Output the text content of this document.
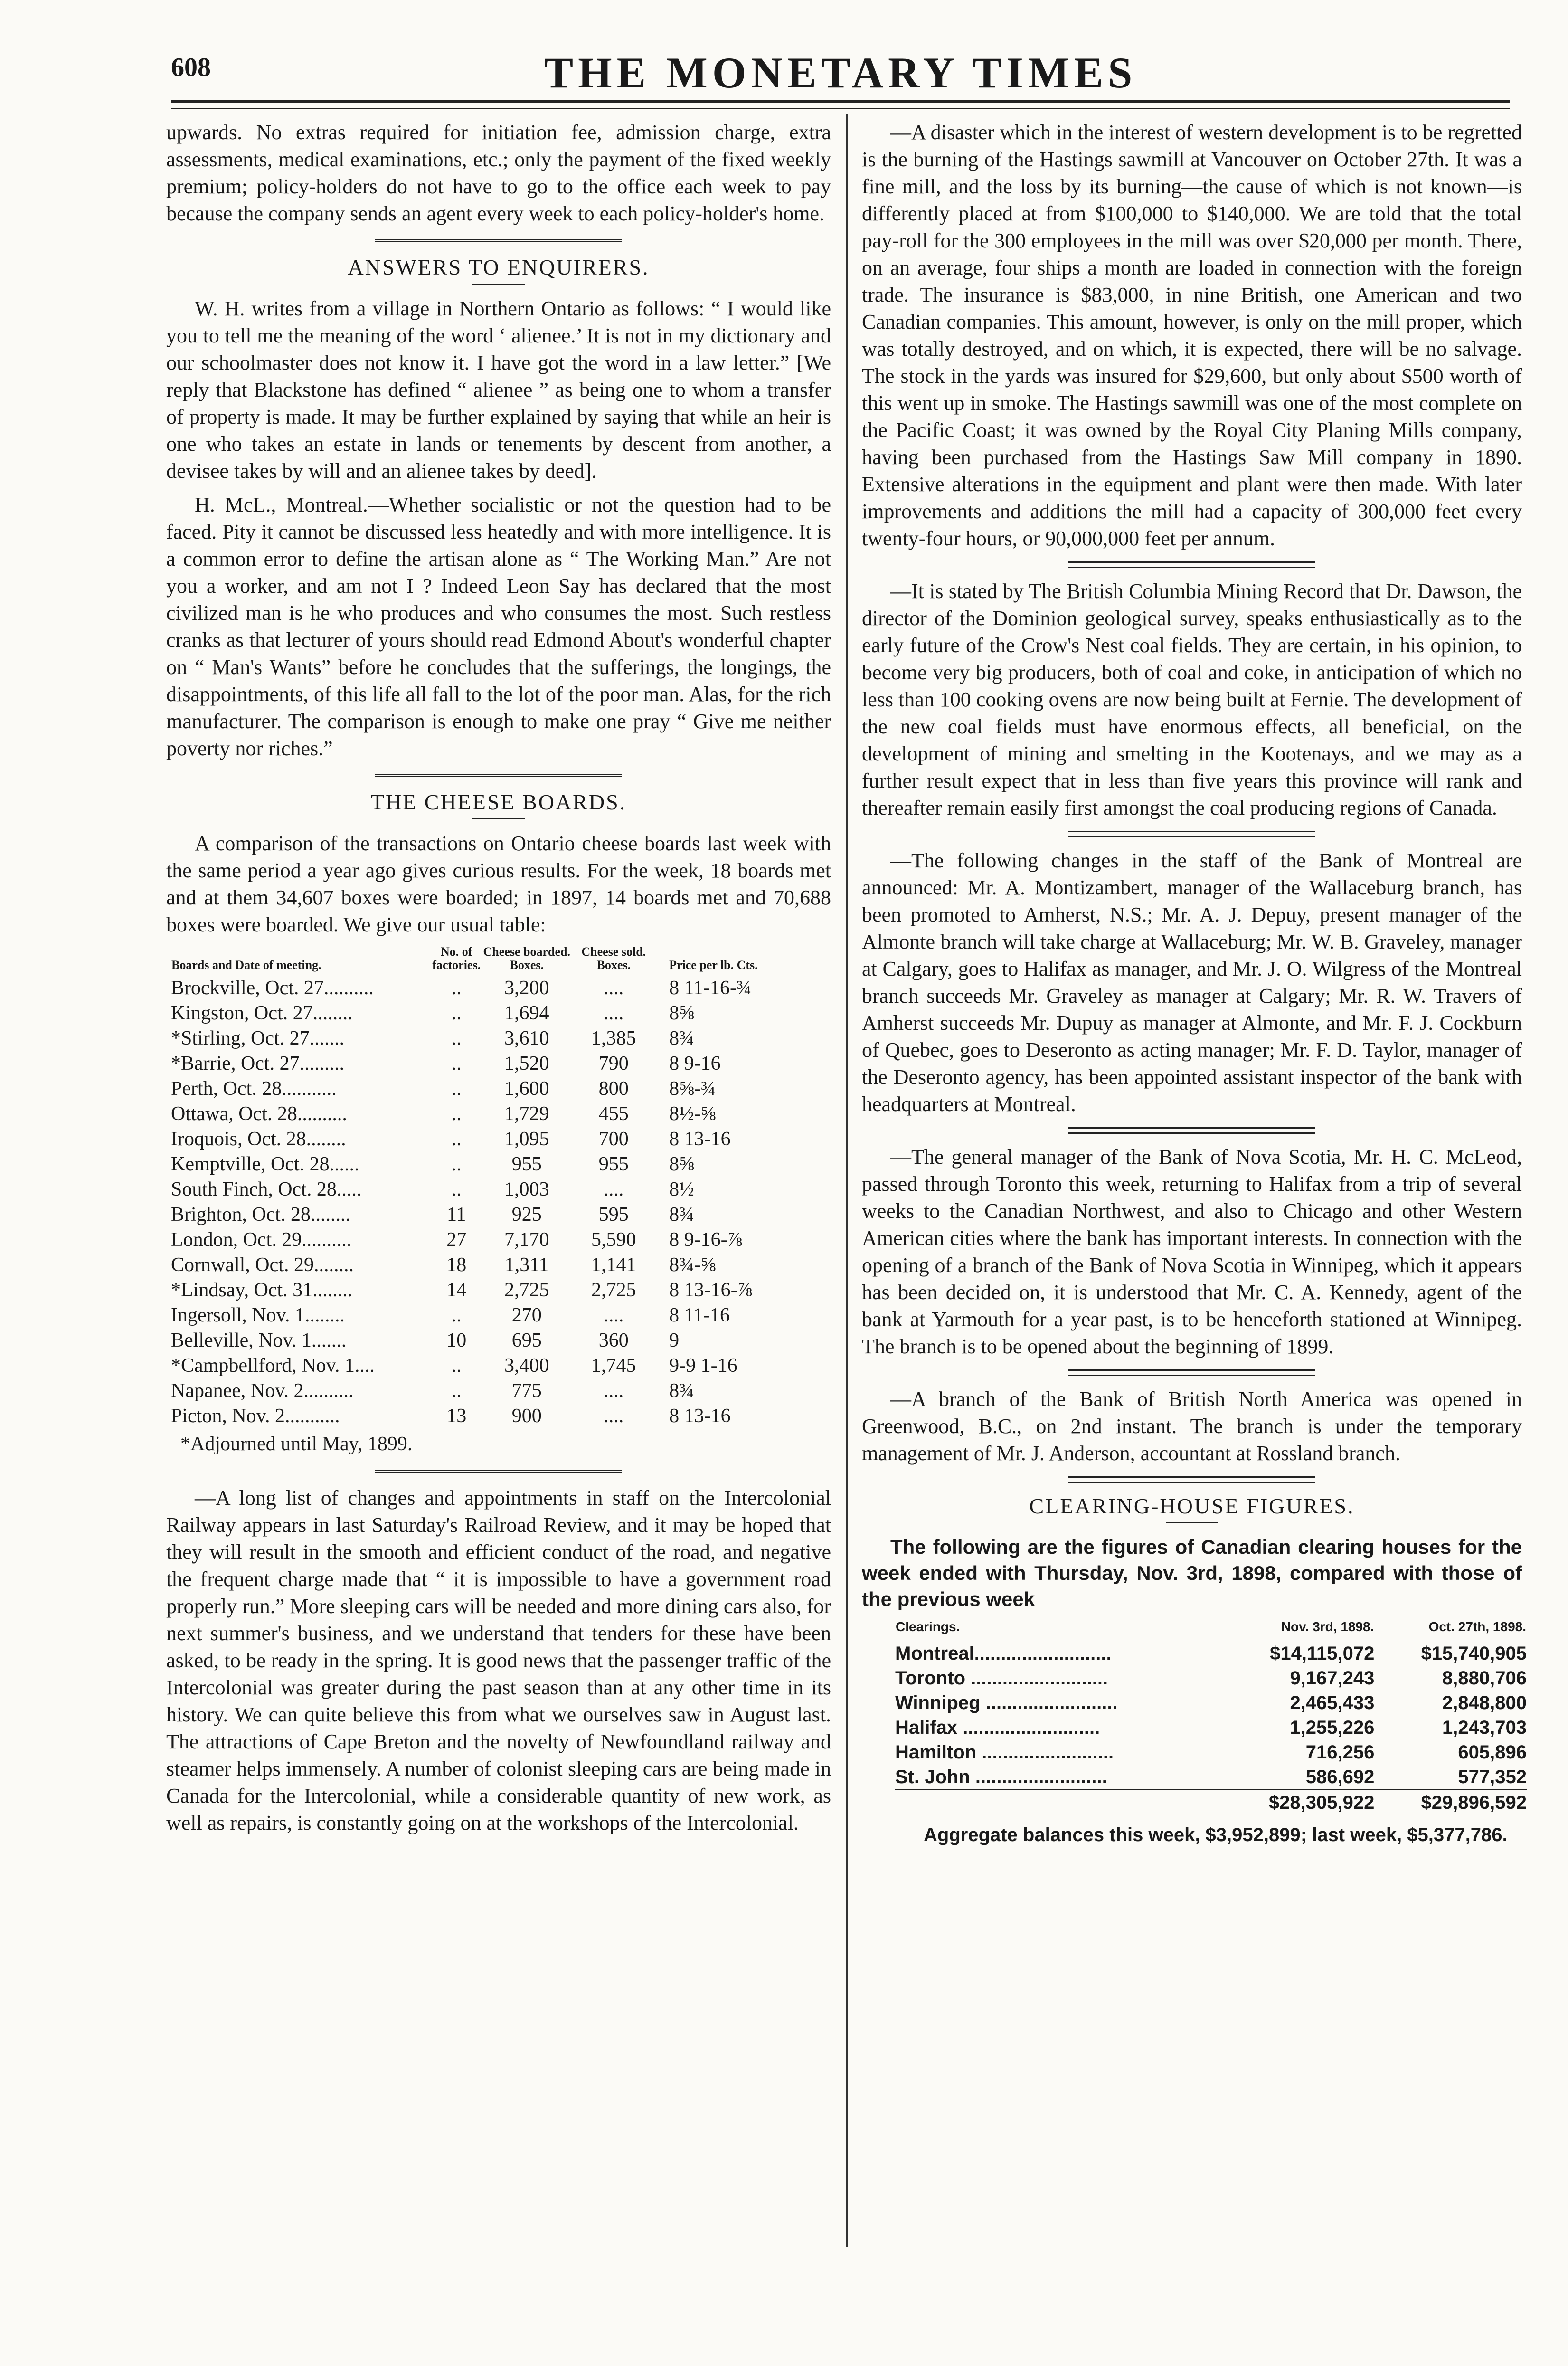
608	THE MONETARY TIMES

upwards. No extras required for initiation fee, admission charge, extra assessments, medical examinations, etc.; only the payment of the fixed weekly premium; policy-holders do not have to go to the office each week to pay because the company sends an agent every week to each policy-holder's home.

ANSWERS TO ENQUIRERS.

W. H. writes from a village in Northern Ontario as follows: “ I would like you to tell me the meaning of the word ‘ alienee.’ It is not in my dictionary and our schoolmaster does not know it. I have got the word in a law letter.” [We reply that Blackstone has defined “ alienee ” as being one to whom a transfer of property is made. It may be further explained by saying that while an heir is one who takes an estate in lands or tenements by descent from another, a devisee takes by will and an alienee takes by deed].

H. McL., Montreal.—Whether socialistic or not the question had to be faced. Pity it cannot be discussed less heatedly and with more intelligence. It is a common error to define the artisan alone as “ The Working Man.” Are not you a worker, and am not I ? Indeed Leon Say has declared that the most civilized man is he who produces and who consumes the most. Such restless cranks as that lecturer of yours should read Edmond About's wonderful chapter on “ Man's Wants” before he concludes that the sufferings, the longings, the disappointments, of this life all fall to the lot of the poor man. Alas, for the rich manufacturer. The comparison is enough to make one pray “ Give me neither poverty nor riches.”

THE CHEESE BOARDS.

A comparison of the transactions on Ontario cheese boards last week with the same period a year ago gives curious results. For the week, 18 boards met and at them 34,607 boxes were boarded; in 1897, 14 boards met and 70,688 boxes were boarded. We give our usual table:

Boards and Date of meeting.	No. of factories.	Cheese boarded. Boxes.	Cheese sold. Boxes.	Price per lb. Cts.
Brockville, Oct. 27..........	..	3,200	....	8 11-16-¾
Kingston, Oct. 27........	..	1,694	....	8⅝
*Stirling, Oct. 27.......	..	3,610	1,385	8¾
*Barrie, Oct. 27.........	..	1,520	790	8 9-16
Perth, Oct. 28...........	..	1,600	800	8⅝-¾
Ottawa, Oct. 28..........	..	1,729	455	8½-⅝
Iroquois, Oct. 28........	..	1,095	700	8 13-16
Kemptville, Oct. 28......	..	955	955	8⅝
South Finch, Oct. 28.....	..	1,003	....	8½
Brighton, Oct. 28........	11	925	595	8¾
London, Oct. 29..........	27	7,170	5,590	8 9-16-⅞
Cornwall, Oct. 29........	18	1,311	1,141	8¾-⅝
*Lindsay, Oct. 31........	14	2,725	2,725	8 13-16-⅞
Ingersoll, Nov. 1........	..	270	....	8 11-16
Belleville, Nov. 1.......	10	695	360	9
*Campbellford, Nov. 1....	..	3,400	1,745	9-9 1-16
Napanee, Nov. 2..........	..	775	....	8¾
Picton, Nov. 2...........	13	900	....	8 13-16

*Adjourned until May, 1899.

—A long list of changes and appointments in staff on the Intercolonial Railway appears in last Saturday's Railroad Review, and it may be hoped that they will result in the smooth and efficient conduct of the road, and negative the frequent charge made that “ it is impossible to have a government road properly run.” More sleeping cars will be needed and more dining cars also, for next summer's business, and we understand that tenders for these have been asked, to be ready in the spring. It is good news that the passenger traffic of the Intercolonial was greater during the past season than at any other time in its history. We can quite believe this from what we ourselves saw in August last. The attractions of Cape Breton and the novelty of Newfoundland railway and steamer helps immensely. A number of colonist sleeping cars are being made in Canada for the Intercolonial, while a considerable quantity of new work, as well as repairs, is constantly going on at the workshops of the Intercolonial.

—A disaster which in the interest of western development is to be regretted is the burning of the Hastings sawmill at Vancouver on October 27th. It was a fine mill, and the loss by its burning—the cause of which is not known—is differently placed at from $100,000 to $140,000. We are told that the total pay-roll for the 300 employees in the mill was over $20,000 per month. There, on an average, four ships a month are loaded in connection with the foreign trade. The insurance is $83,000, in nine British, one American and two Canadian companies. This amount, however, is only on the mill proper, which was totally destroyed, and on which, it is expected, there will be no salvage. The stock in the yards was insured for $29,600, but only about $500 worth of this went up in smoke. The Hastings sawmill was one of the most complete on the Pacific Coast; it was owned by the Royal City Planing Mills company, having been purchased from the Hastings Saw Mill company in 1890. Extensive alterations in the equipment and plant were then made. With later improvements and additions the mill had a capacity of 300,000 feet every twenty-four hours, or 90,000,000 feet per annum.

—It is stated by The British Columbia Mining Record that Dr. Dawson, the director of the Dominion geological survey, speaks enthusiastically as to the early future of the Crow's Nest coal fields. They are certain, in his opinion, to become very big producers, both of coal and coke, in anticipation of which no less than 100 cooking ovens are now being built at Fernie. The development of the new coal fields must have enormous effects, all beneficial, on the development of mining and smelting in the Kootenays, and we may as a further result expect that in less than five years this province will rank and thereafter remain easily first amongst the coal producing regions of Canada.

—The following changes in the staff of the Bank of Montreal are announced: Mr. A. Montizambert, manager of the Wallaceburg branch, has been promoted to Amherst, N.S.; Mr. A. J. Depuy, present manager of the Almonte branch will take charge at Wallaceburg; Mr. W. B. Graveley, manager at Calgary, goes to Halifax as manager, and Mr. J. O. Wilgress of the Montreal branch succeeds Mr. Graveley as manager at Calgary; Mr. R. W. Travers of Amherst succeeds Mr. Dupuy as manager at Almonte, and Mr. F. J. Cockburn of Quebec, goes to Deseronto as acting manager; Mr. F. D. Taylor, manager of the Deseronto agency, has been appointed assistant inspector of the bank with headquarters at Montreal.

—The general manager of the Bank of Nova Scotia, Mr. H. C. McLeod, passed through Toronto this week, returning to Halifax from a trip of several weeks to the Canadian Northwest, and also to Chicago and other Western American cities where the bank has important interests. In connection with the opening of a branch of the Bank of Nova Scotia in Winnipeg, which it appears has been decided on, it is understood that Mr. C. A. Kennedy, agent of the bank at Yarmouth for a year past, is to be henceforth stationed at Winnipeg. The branch is to be opened about the beginning of 1899.

—A branch of the Bank of British North America was opened in Greenwood, B.C., on 2nd instant. The branch is under the temporary management of Mr. J. Anderson, accountant at Rossland branch.

CLEARING-HOUSE FIGURES.

The following are the figures of Canadian clearing houses for the week ended with Thursday, Nov. 3rd, 1898, compared with those of the previous week

Clearings.	Nov. 3rd, 1898.	Oct. 27th, 1898.
Montreal..........................	$14,115,072	$15,740,905
Toronto ..........................	9,167,243	8,880,706
Winnipeg .........................	2,465,433	2,848,800
Halifax ..........................	1,255,226	1,243,703
Hamilton .........................	716,256	605,896
St. John .........................	586,692	577,352
	$28,305,922	$29,896,592

Aggregate balances this week, $3,952,899; last week, $5,377,786.
